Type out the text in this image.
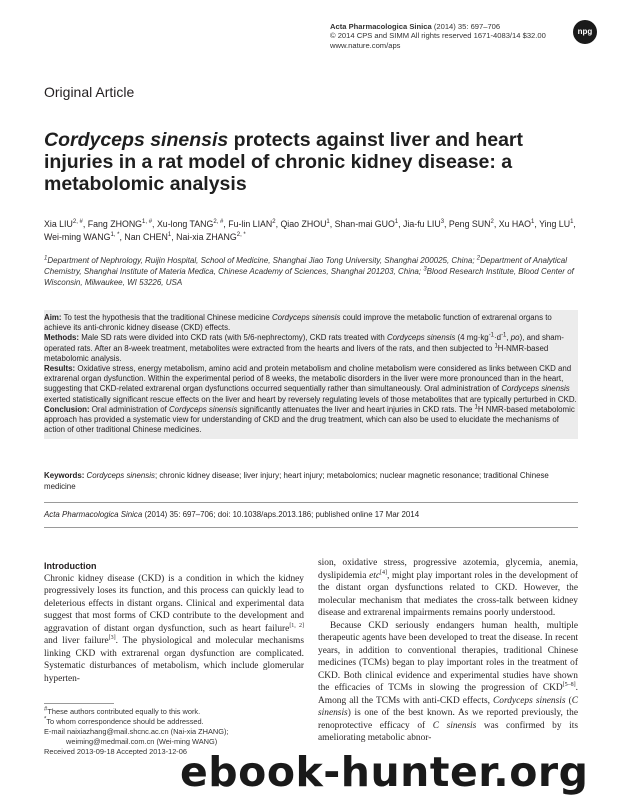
Acta Pharmacologica Sinica (2014) 35: 697–706
© 2014 CPS and SIMM All rights reserved 1671-4083/14 $32.00
www.nature.com/aps
npg
Original Article
Cordyceps sinensis protects against liver and heart injuries in a rat model of chronic kidney disease: a metabolomic analysis
Xia $LIU^{2, \#}$, Fang $ZHONG^{1, \#}$, Xu-long $TANG^{2, \#}$, Fu-lin LIAN$^2$, Qiao ZHOU$^1$, Shan-mai GUO$^1$, Jia-fu LIU$^3$, Peng SUN$^2$, Xu HAO$^1$, Ying $LU^1$, Wei-ming $WANG^{1, *}$, Nan CHEN$^1$, Nai-xia $ZHANG^{2, *}$
$^1$Department of Nephrology, Ruijin Hospital, School of Medicine, Shanghai Jiao Tong University, Shanghai 200025, China; $^2$Department of Analytical Chemistry, Shanghai Institute of Materia Medica, Chinese Academy of Sciences, Shanghai 201203, China; $^3$Blood Research Institute, Blood Center of Wisconsin, Milwaukee, WI 53226, USA

Aim: To test the hypothesis that the traditional Chinese medicine Cordyceps sinensis could improve the metabolic function of extrarenal organs to achieve its anti-chronic kidney disease (CKD) effects.

Methods: Male SD rats were divided into CKD rats (with 5/6-nephrectomy), CKD rats treated with Cordyceps sinensis (4 $mg\cdot kg^{-1}\cdot d^{-1}$, po), and sham-operated rats. After an 8-week treatment, metabolites were extracted from the hearts and livers of the rats, and then subjected to $^1$H-NMR-based metabolomic analysis.

Results: Oxidative stress, energy metabolism, amino acid and protein metabolism and choline metabolism were considered as links between CKD and extrarenal organ dysfunction. Within the experimental period of 8 weeks, the metabolic disorders in the liver were more pronounced than in the heart, suggesting that CKD-related extrarenal organ dysfunctions occurred sequentially rather than simultaneously. Oral administration of Cordyceps sinensis exerted statistically significant rescue effects on the liver and heart by reversely regulating levels of those metabolites that are typically perturbed in CKD.

Conclusion: Oral administration of Cordyceps sinensis significantly attenuates the liver and heart injuries in CKD rats. The $^1$H NMR-based metabolomic approach has provided a systematic view for understanding of CKD and the drug treatment, which can also be used to elucidate the mechanisms of action of other traditional Chinese medicines.

Keywords: Cordyceps sinensis; chronic kidney disease; liver injury; heart injury; metabolomics; nuclear magnetic resonance; traditional Chinese medicine
Acta Pharmacologica Sinica (2014) 35: 697–706; doi: 10.1038/aps.2013.186; published online 17 Mar 2014
Introduction

Chronic kidney disease (CKD) is a condition in which the kidney progressively loses its function, and this process can quickly lead to deleterious effects in distant organs. Clinical and experimental data suggest that most forms of CKD contribute to the development and aggravation of distant organ dysfunction, such as heart failure[1, 2] and liver failure[3]. The physiological and molecular mechanisms linking CKD with extrarenal organ dysfunction are complicated. Systematic disturbances of metabolism, which include glomerular hyperten-

sion, oxidative stress, progressive azotemia, glycemia, anemia, dyslipidemia etc[4], might play important roles in the development of the distant organ dysfunctions related to CKD. However, the molecular mechanism that mediates the cross-talk between kidney disease and extrarenal impairments remains poorly understood.

Because CKD seriously endangers human health, multiple therapeutic agents have been developed to treat the disease. In recent years, in addition to conventional therapies, traditional Chinese medicines (TCMs) began to play important roles in the treatment of CKD. Both clinical evidence and experimental studies have shown the efficacies of TCMs in slowing the progression of CKD[5–8]. Among all the TCMs with anti-CKD effects, Cordyceps sinensis (C sinensis) is one of the best known. As we reported previously, the renoprotective efficacy of C sinensis was confirmed by its ameliorating metabolic abnor-

#These authors contributed equally to this work.
*To whom correspondence should be addressed.
E-mail naixiazhang@mail.shcnc.ac.cn (Nai-xia ZHANG);
weiming@medmail.com.cn (Wei-ming WANG)
Received 2013-09-18 Accepted 2013-12-06
ebook-hunter.org
